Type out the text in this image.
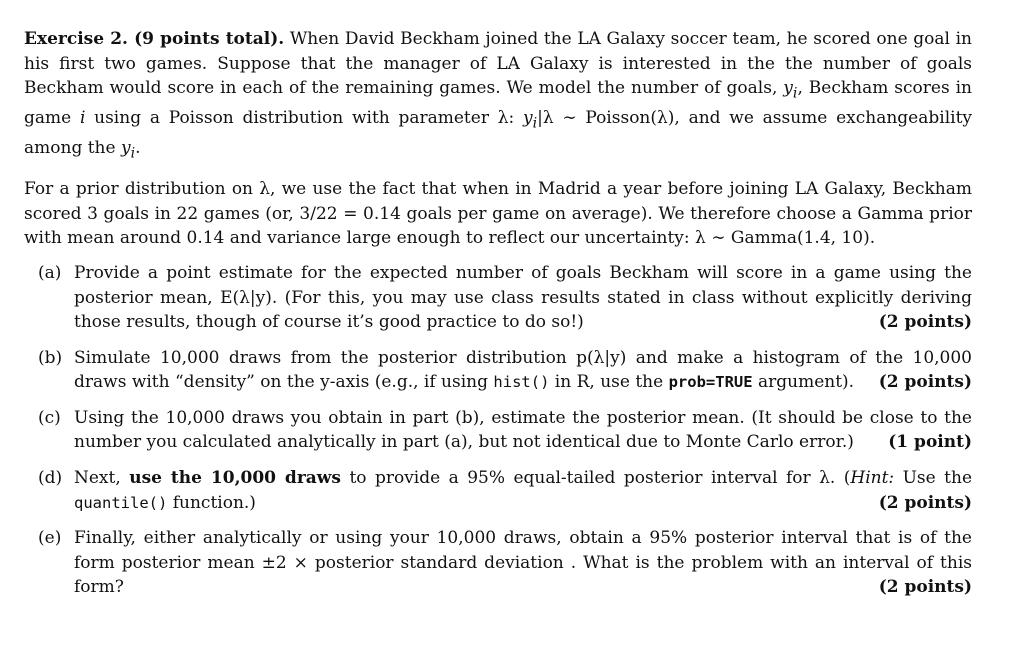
Exercise 2. (9 points total). When David Beckham joined the LA Galaxy soccer team, he scored one goal in his first two games. Suppose that the manager of LA Galaxy is interested in the the number of goals Beckham would score in each of the remaining games. We model the number of goals, $y_i$, Beckham scores in game i using a Poisson distribution with parameter λ: $y_i|\lambda$ ∼ Poisson(λ), and we assume exchangeability among the $y_i$.

For a prior distribution on λ, we use the fact that when in Madrid a year before joining LA Galaxy, Beckham scored 3 goals in 22 games (or, 3/22 = 0.14 goals per game on average). We therefore choose a Gamma prior with mean around 0.14 and variance large enough to reflect our uncertainty: λ ∼ Gamma(1.4, 10).

(a) Provide a point estimate for the expected number of goals Beckham will score in a game using the posterior mean, E(λ|y). (For this, you may use class results stated in class without explicitly deriving those results, though of course it’s good practice to do so!)	(2 points)
(b) Simulate 10,000 draws from the posterior distribution p(λ|y) and make a histogram of the 10,000 draws with “density” on the y-axis (e.g., if using hist() in R, use the prob=TRUE argument). (2 points)
(c) Using the 10,000 draws you obtain in part (b), estimate the posterior mean. (It should be close to the number you calculated analytically in part (a), but not identical due to Monte Carlo error.) (1 point)
(d) Next, use the 10,000 draws to provide a 95% equal-tailed posterior interval for λ. (Hint: Use the quantile() function.)	(2 points)
(e) Finally, either analytically or using your 10,000 draws, obtain a 95% posterior interval that is of the form posterior mean ±2 × posterior standard deviation . What is the problem with an interval of this form?	(2 points)
